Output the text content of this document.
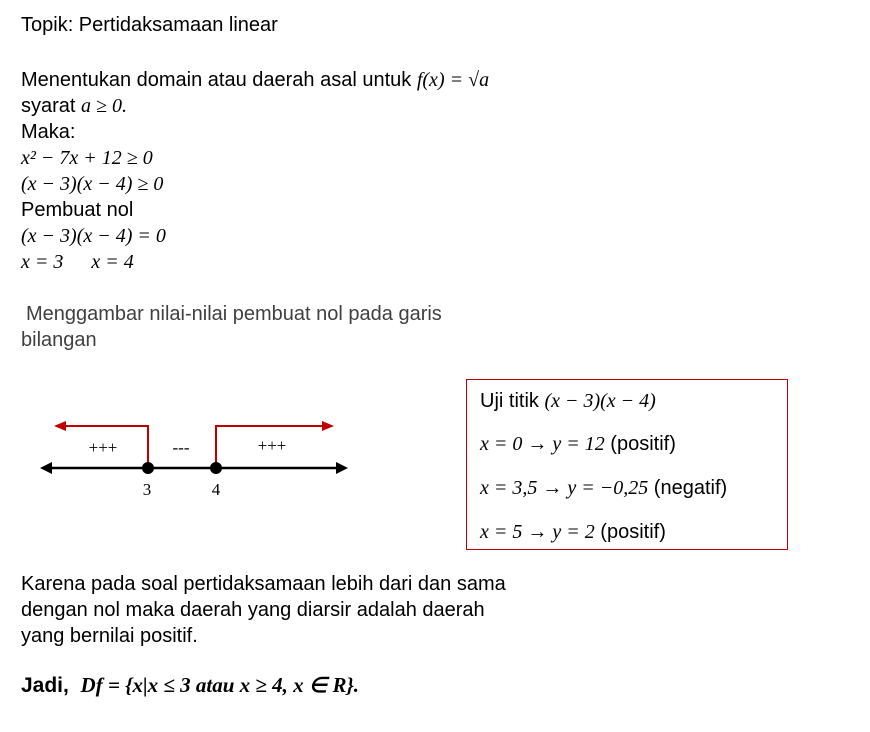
Topik: Pertidaksamaan linear
Menentukan domain atau daerah asal untuk f(x) = √a
syarat a ≥ 0.
Maka:
x² − 7x + 12 ≥ 0
(x − 3)(x − 4) ≥ 0
Pembuat nol
(x − 3)(x − 4) = 0
x = 3 x = 4
Menggambar nilai-nilai pembuat nol pada garis
bilangan
3	4
+++	---	+++
Uji titik (x − 3)(x − 4)
x = 0 → y = 12 (positif)
x = 3,5 → y = −0,25 (negatif)
x = 5 → y = 2 (positif)
Karena pada soal pertidaksamaan lebih dari dan sama
dengan nol maka daerah yang diarsir adalah daerah
yang bernilai positif.
Jadi,  Df = {x|x ≤ 3 atau x ≥ 4, x ∈ R}.
